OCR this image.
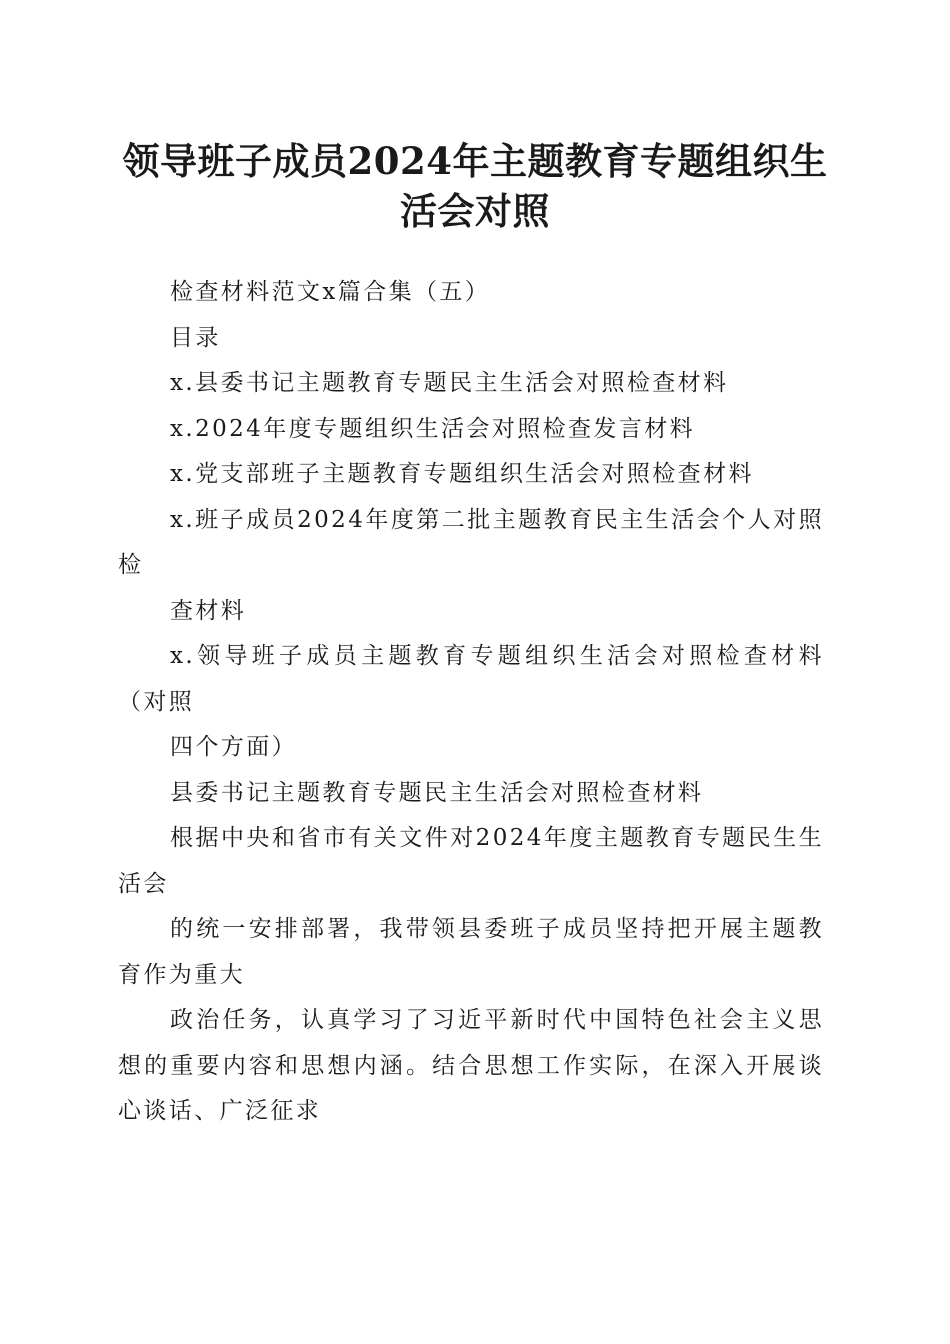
领导班子成员2024年主题教育专题组织生活会对照

检查材料范文x篇合集（五）

目录

x.县委书记主题教育专题民主生活会对照检查材料

x.2024年度专题组织生活会对照检查发言材料

x.党支部班子主题教育专题组织生活会对照检查材料

x.班子成员2024年度第二批主题教育民主生活会个人对照检

查材料

x.领导班子成员主题教育专题组织生活会对照检查材料（对照

四个方面）

县委书记主题教育专题民主生活会对照检查材料

根据中央和省市有关文件对2024年度主题教育专题民生生活会

的统一安排部署，我带领县委班子成员坚持把开展主题教育作为重大

政治任务，认真学习了习近平新时代中国特色社会主义思想的重要内容和思想内涵。结合思想工作实际，在深入开展谈心谈话、广泛征求
